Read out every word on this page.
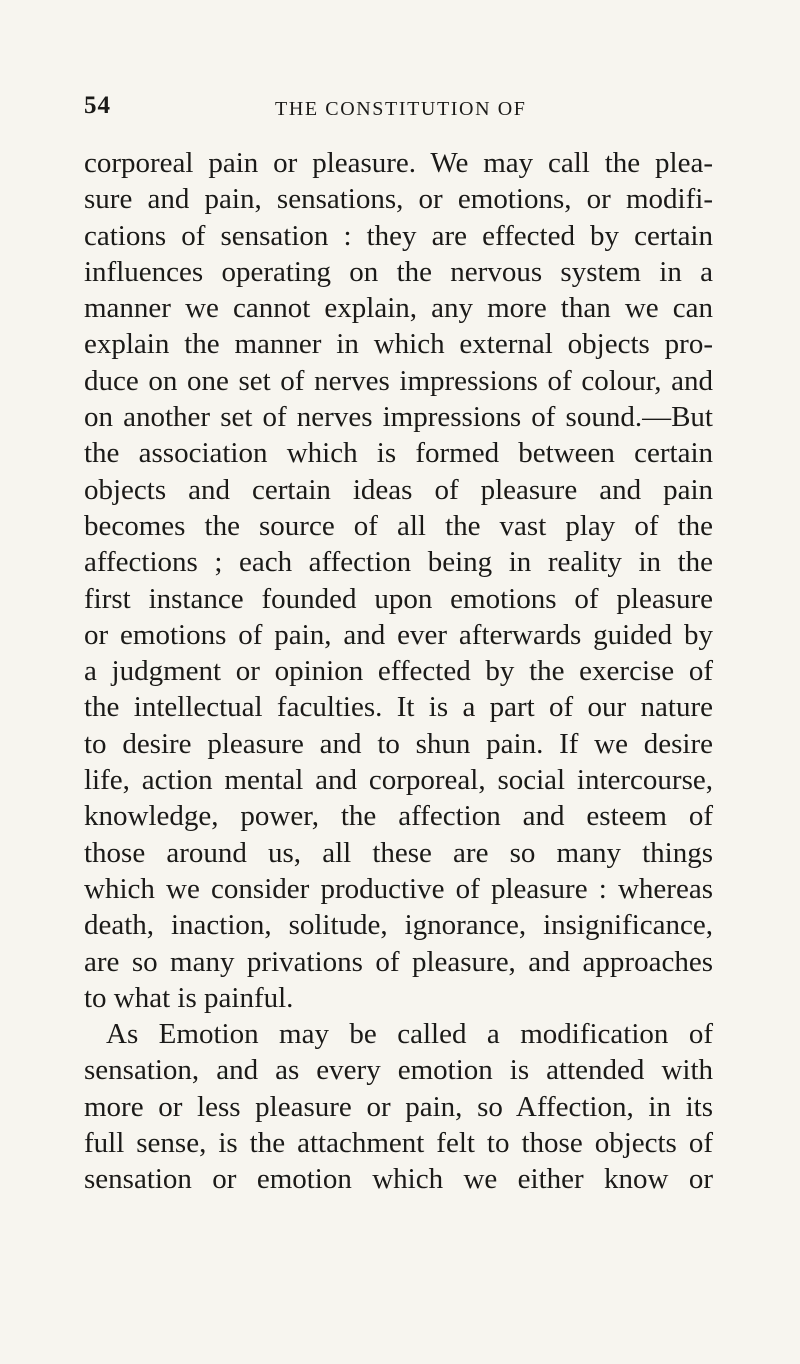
54	THE CONSTITUTION OF
corporeal pain or pleasure. We may call the plea-
sure and pain, sensations, or emotions, or modifi-
cations of sensation : they are effected by certain
influences operating on the nervous system in a
manner we cannot explain, any more than we can
explain the manner in which external objects pro-
duce on one set of nerves impressions of colour, and
on another set of nerves impressions of sound.—But
the association which is formed between certain
objects and certain ideas of pleasure and pain
becomes the source of all the vast play of the
affections ; each affection being in reality in the
first instance founded upon emotions of pleasure
or emotions of pain, and ever afterwards guided by
a judgment or opinion effected by the exercise of
the intellectual faculties. It is a part of our nature
to desire pleasure and to shun pain. If we desire
life, action mental and corporeal, social intercourse,
knowledge, power, the affection and esteem of
those around us, all these are so many things
which we consider productive of pleasure : whereas
death, inaction, solitude, ignorance, insignificance,
are so many privations of pleasure, and approaches
to what is painful.
As Emotion may be called a modification of
sensation, and as every emotion is attended with
more or less pleasure or pain, so Affection, in its
full sense, is the attachment felt to those objects of
sensation or emotion which we either know or
